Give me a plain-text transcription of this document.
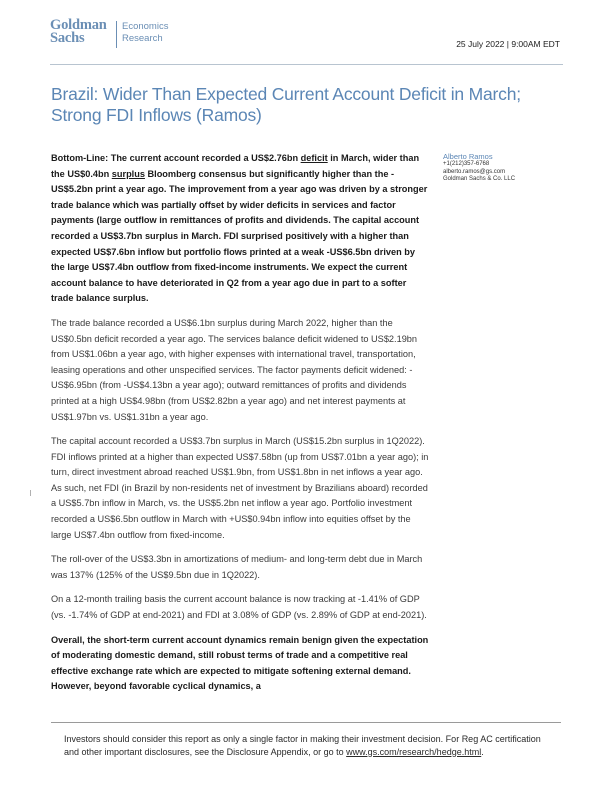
Goldman
Sachs
Economics
Research	25 July 2022 | 9:00AM EDT
Brazil: Wider Than Expected Current Account Deficit in March; Strong FDI Inflows (Ramos)
Alberto Ramos
+1(212)357-6768
alberto.ramos@gs.com
Goldman Sachs & Co. LLC

Bottom-Line: The current account recorded a US$2.76bn deficit in March, wider than the US$0.4bn surplus Bloomberg consensus but significantly higher than the -US$5.2bn print a year ago. The improvement from a year ago was driven by a stronger trade balance which was partially offset by wider deficits in services and factor payments (large outflow in remittances of profits and dividends. The capital account recorded a US$3.7bn surplus in March. FDI surprised positively with a higher than expected US$7.6bn inflow but portfolio flows printed at a weak -US$6.5bn driven by the large US$7.4bn outflow from fixed-income instruments. We expect the current account balance to have deteriorated in Q2 from a year ago due in part to a softer trade balance surplus.

The trade balance recorded a US$6.1bn surplus during March 2022, higher than the US$0.5bn deficit recorded a year ago. The services balance deficit widened to US$2.19bn from US$1.06bn a year ago, with higher expenses with international travel, transportation, leasing operations and other unspecified services. The factor payments deficit widened: -US$6.95bn (from -US$4.13bn a year ago); outward remittances of profits and dividends printed at a high US$4.98bn (from US$2.82bn a year ago) and net interest payments at US$1.97bn vs. US$1.31bn a year ago.

The capital account recorded a US$3.7bn surplus in March (US$15.2bn surplus in 1Q2022). FDI inflows printed at a higher than expected US$7.58bn (up from US$7.01bn a year ago); in turn, direct investment abroad reached US$1.9bn, from US$1.8bn in net inflows a year ago. As such, net FDI (in Brazil by non-residents net of investment by Brazilians aboard) recorded a US$5.7bn inflow in March, vs. the US$5.2bn net inflow a year ago. Portfolio investment recorded a US$6.5bn outflow in March with +US$0.94bn inflow into equities offset by the large US$7.4bn outflow from fixed-income.

The roll-over of the US$3.3bn in amortizations of medium- and long-term debt due in March was 137% (125% of the US$9.5bn due in 1Q2022).

On a 12-month trailing basis the current account balance is now tracking at -1.41% of GDP (vs. -1.74% of GDP at end-2021) and FDI at 3.08% of GDP (vs. 2.89% of GDP at end-2021).

Overall, the short-term current account dynamics remain benign given the expectation of moderating domestic demand, still robust terms of trade and a competitive real effective exchange rate which are expected to mitigate softening external demand. However, beyond favorable cyclical dynamics, a

Investors should consider this report as only a single factor in making their investment decision. For Reg AC certification and other important disclosures, see the Disclosure Appendix, or go to www.gs.com/research/hedge.html.
